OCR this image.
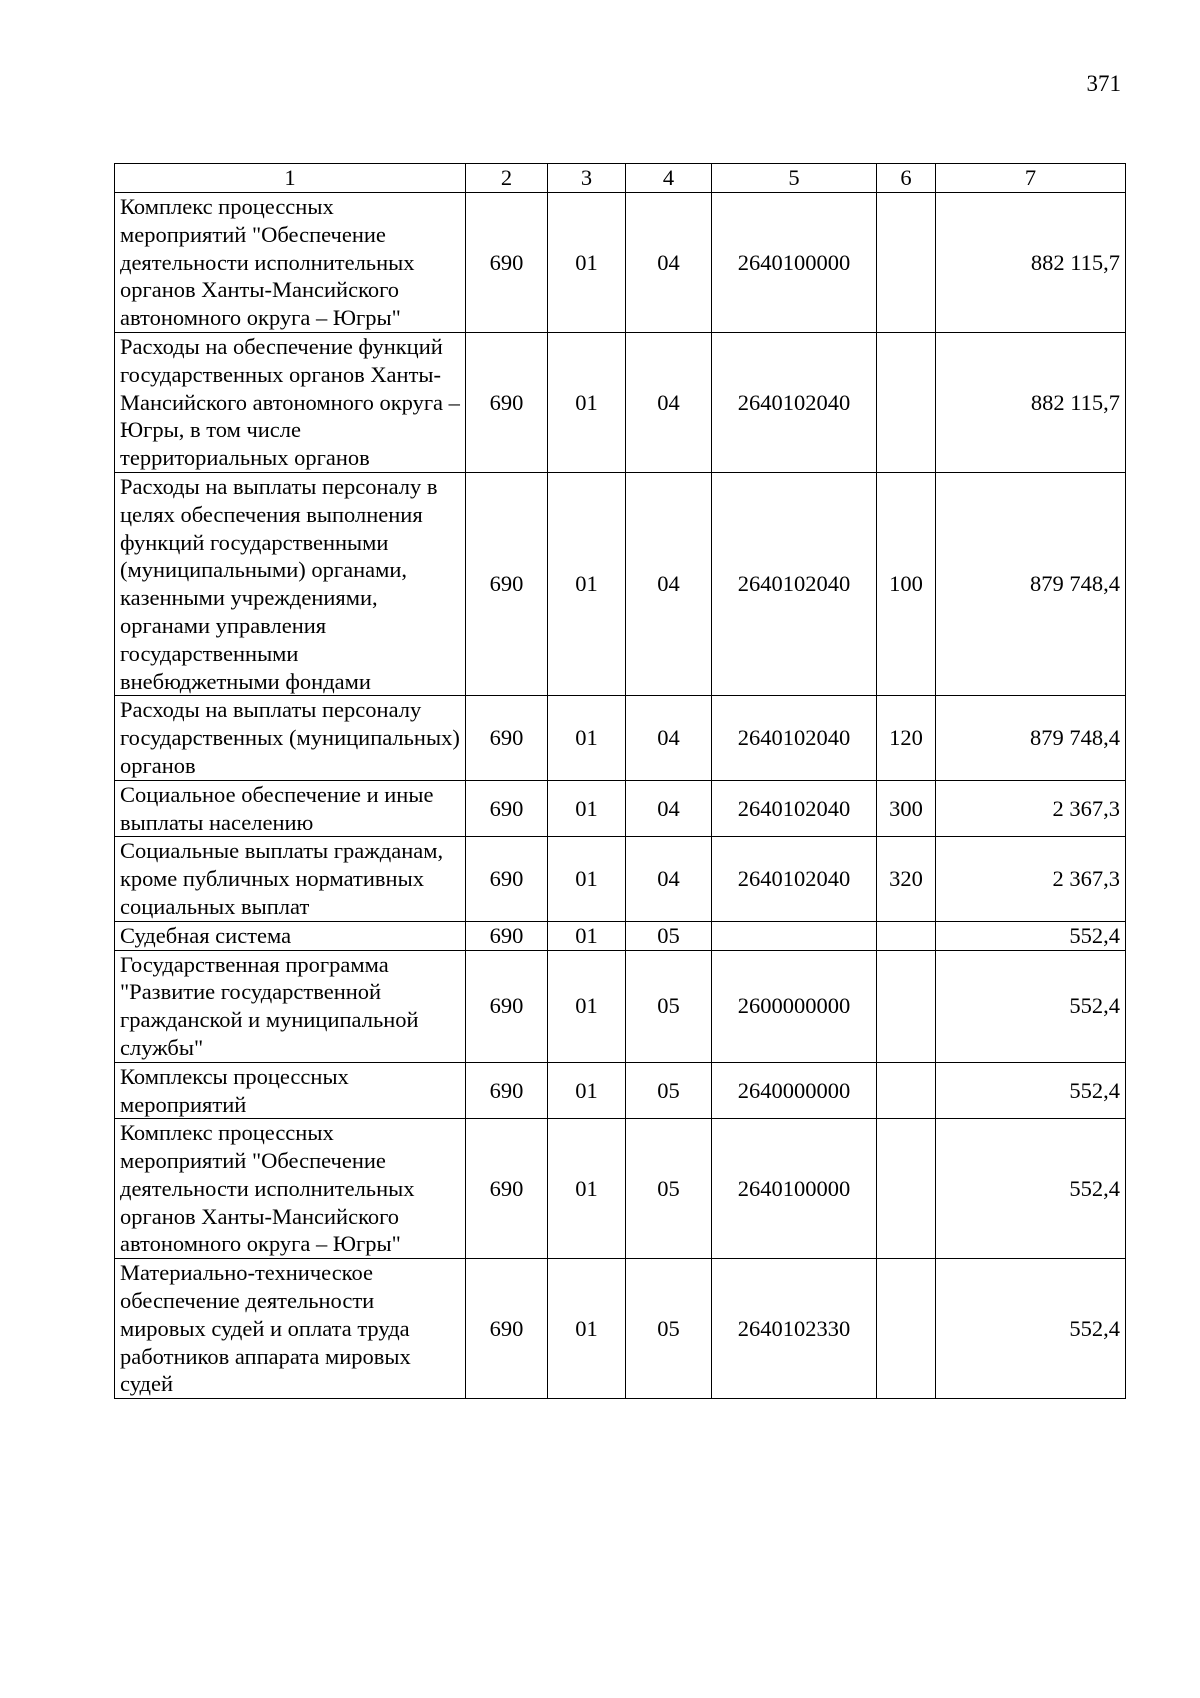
371
1	2	3	4	5	6	7
Комплекс процессных мероприятий "Обеспечение деятельности исполнительных органов Ханты-Мансийского автономного округа – Югры"	690	01	04	2640100000		882 115,7
Расходы на обеспечение функций государственных органов Ханты-Мансийского автономного округа – Югры, в том числе территориальных органов	690	01	04	2640102040		882 115,7
Расходы на выплаты персоналу в целях обеспечения выполнения функций государственными (муниципальными) органами, казенными учреждениями, органами управления государственными внебюджетными фондами	690	01	04	2640102040	100	879 748,4
Расходы на выплаты персоналу государственных (муниципальных) органов	690	01	04	2640102040	120	879 748,4
Социальное обеспечение и иные выплаты населению	690	01	04	2640102040	300	2 367,3
Социальные выплаты гражданам, кроме публичных нормативных социальных выплат	690	01	04	2640102040	320	2 367,3
Судебная система	690	01	05			552,4
Государственная программа "Развитие государственной гражданской и муниципальной службы"	690	01	05	2600000000		552,4
Комплексы процессных мероприятий	690	01	05	2640000000		552,4
Комплекс процессных мероприятий "Обеспечение деятельности исполнительных органов Ханты-Мансийского автономного округа – Югры"	690	01	05	2640100000		552,4
Материально-техническое обеспечение деятельности мировых судей и оплата труда работников аппарата мировых судей	690	01	05	2640102330		552,4
